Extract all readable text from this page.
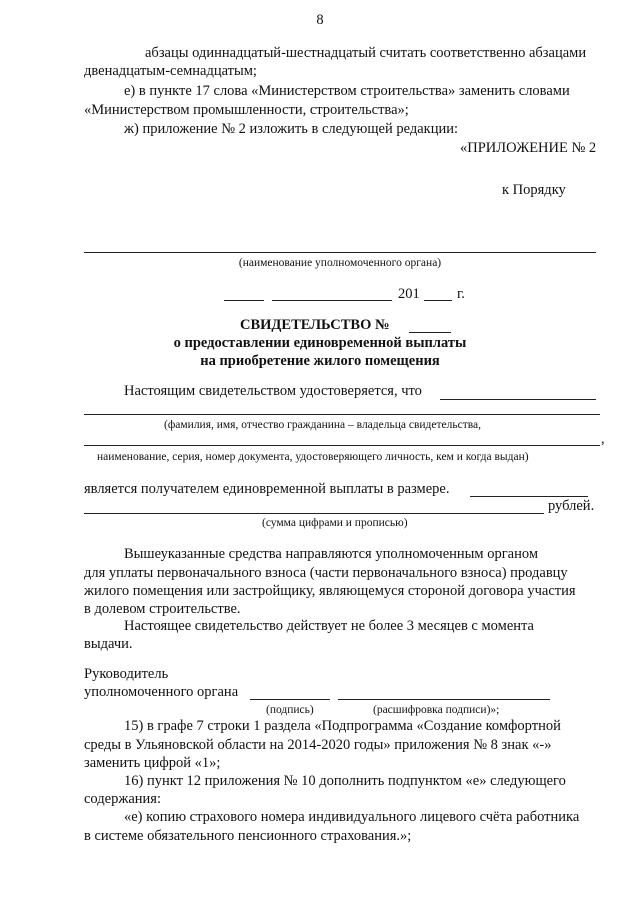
8
абзацы одиннадцатый-шестнадцатый считать соответственно абзацами
двенадцатым-семнадцатым;
е) в пункте 17 слова «Министерством строительства» заменить словами
«Министерством промышленности, строительства»;
ж) приложение № 2 изложить в следующей редакции:
«ПРИЛОЖЕНИЕ № 2
к Порядку
(наименование уполномоченного органа)
201	г.
СВИДЕТЕЛЬСТВО №
о предоставлении единовременной выплаты
на приобретение жилого помещения
Настоящим свидетельством удостоверяется, что
(фамилия, имя, отчество гражданина – владельца свидетельства,
,
наименование, серия, номер документа, удостоверяющего личность, кем и когда выдан)
является получателем единовременной выплаты в размере.
рублей.
(сумма цифрами и прописью)
Вышеуказанные средства направляются уполномоченным органом
для уплаты первоначального взноса (части первоначального взноса) продавцу
жилого помещения или застройщику, являющемуся стороной договора участия
в долевом строительстве.
Настоящее свидетельство действует не более 3 месяцев с момента
выдачи.
Руководитель
уполномоченного органа
(подпись)	(расшифровка подписи)»;
15) в графе 7 строки 1 раздела «Подпрограмма «Создание комфортной
среды в Ульяновской области на 2014-2020 годы» приложения № 8 знак «-»
заменить цифрой «1»;
16) пункт 12 приложения № 10 дополнить подпунктом «е» следующего
содержания:
«е) копию страхового номера индивидуального лицевого счёта работника
в системе обязательного пенсионного страхования.»;
